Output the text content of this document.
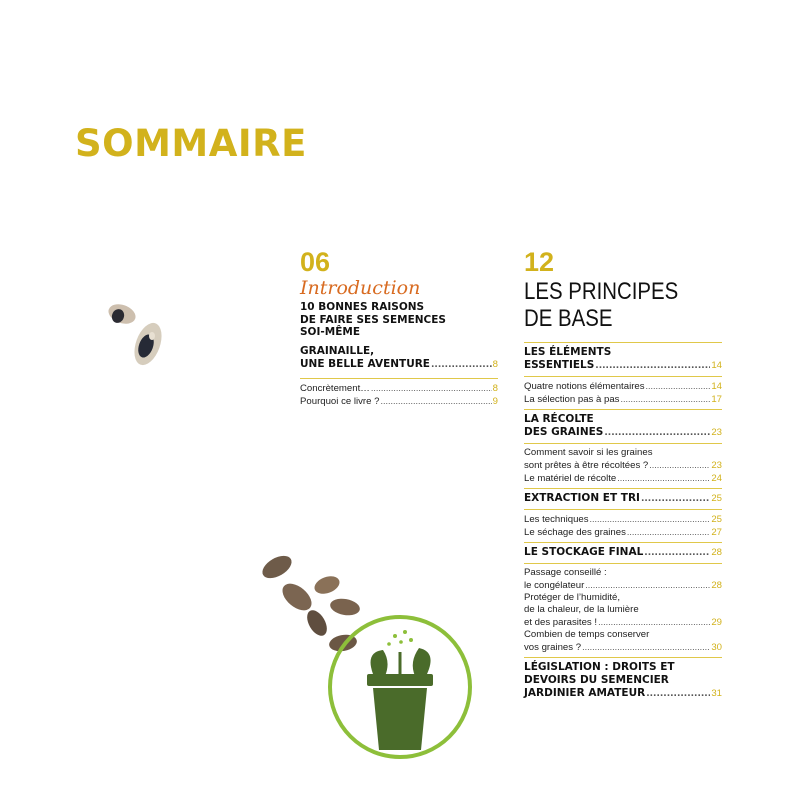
SOMMAIRE
06
Introduction
10 BONNES RAISONS
DE FAIRE SES SEMENCES
SOI-MÊME
GRAINAILLE,
UNE BELLE AVENTURE .....	8
Concrètement… .....	8
Pourquoi ce livre ? .....	9
12
LES PRINCIPES
DE BASE
LES ÉLÉMENTS
ESSENTIELS .....	14
Quatre notions élémentaires .....	14
La sélection pas à pas .....	17
LA RÉCOLTE
DES GRAINES .....	23
Comment savoir si les graines
sont prêtes à être récoltées ? .....	23
Le matériel de récolte .....	24
EXTRACTION ET TRI .....	25
Les techniques .....	25
Le séchage des graines .....	27
LE STOCKAGE FINAL .....	28
Passage conseillé :
le congélateur .....	28
Protéger de l’humidité,
de la chaleur, de la lumière
et des parasites ! .....	29
Combien de temps conserver
vos graines ? .....	30
LÉGISLATION : DROITS ET
DEVOIRS DU SEMENCIER
JARDINIER AMATEUR .....	31
